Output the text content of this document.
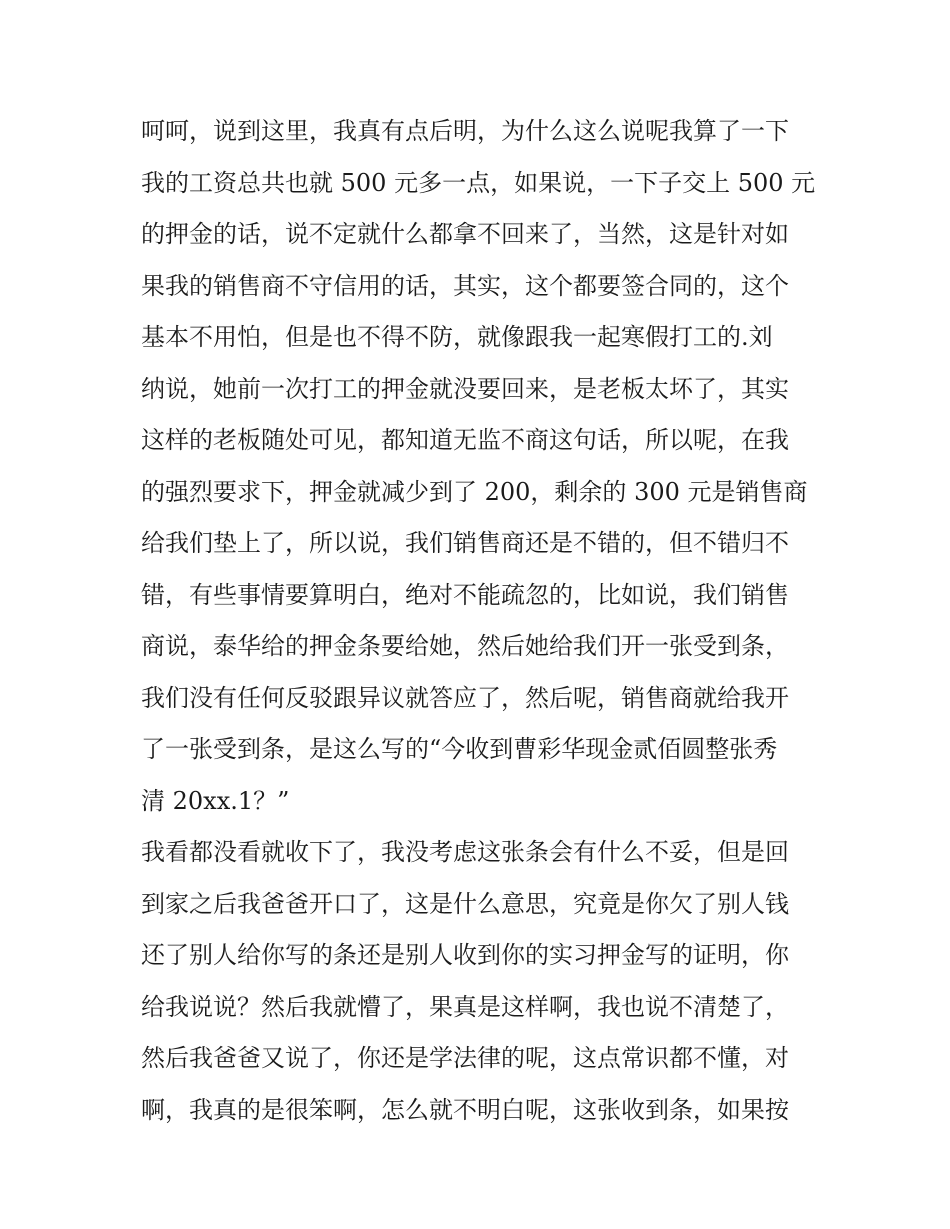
呵呵，说到这里，我真有点后明，为什么这么说呢我算了一下
我的工资总共也就 500 元多一点，如果说，一下子交上 500 元
的押金的话，说不定就什么都拿不回来了，当然，这是针对如
果我的销售商不守信用的话，其实，这个都要签合同的，这个
基本不用怕，但是也不得不防，就像跟我一起寒假打工的.刘
纳说，她前一次打工的押金就没要回来，是老板太坏了，其实
这样的老板随处可见，都知道无监不商这句话，所以呢，在我
的强烈要求下，押金就减少到了 200，剩余的 300 元是销售商
给我们垫上了，所以说，我们销售商还是不错的，但不错归不
错，有些事情要算明白，绝对不能疏忽的，比如说，我们销售
商说，泰华给的押金条要给她，然后她给我们开一张受到条，
我们没有任何反驳跟异议就答应了，然后呢，销售商就给我开
了一张受到条，是这么写的“今收到曹彩华现金贰佰圆整张秀
清 20xx.1？”
我看都没看就收下了，我没考虑这张条会有什么不妥，但是回
到家之后我爸爸开口了，这是什么意思，究竟是你欠了别人钱
还了别人给你写的条还是别人收到你的实习押金写的证明，你
给我说说？然后我就懵了，果真是这样啊，我也说不清楚了，
然后我爸爸又说了，你还是学法律的呢，这点常识都不懂，对
啊，我真的是很笨啊，怎么就不明白呢，这张收到条，如果按
